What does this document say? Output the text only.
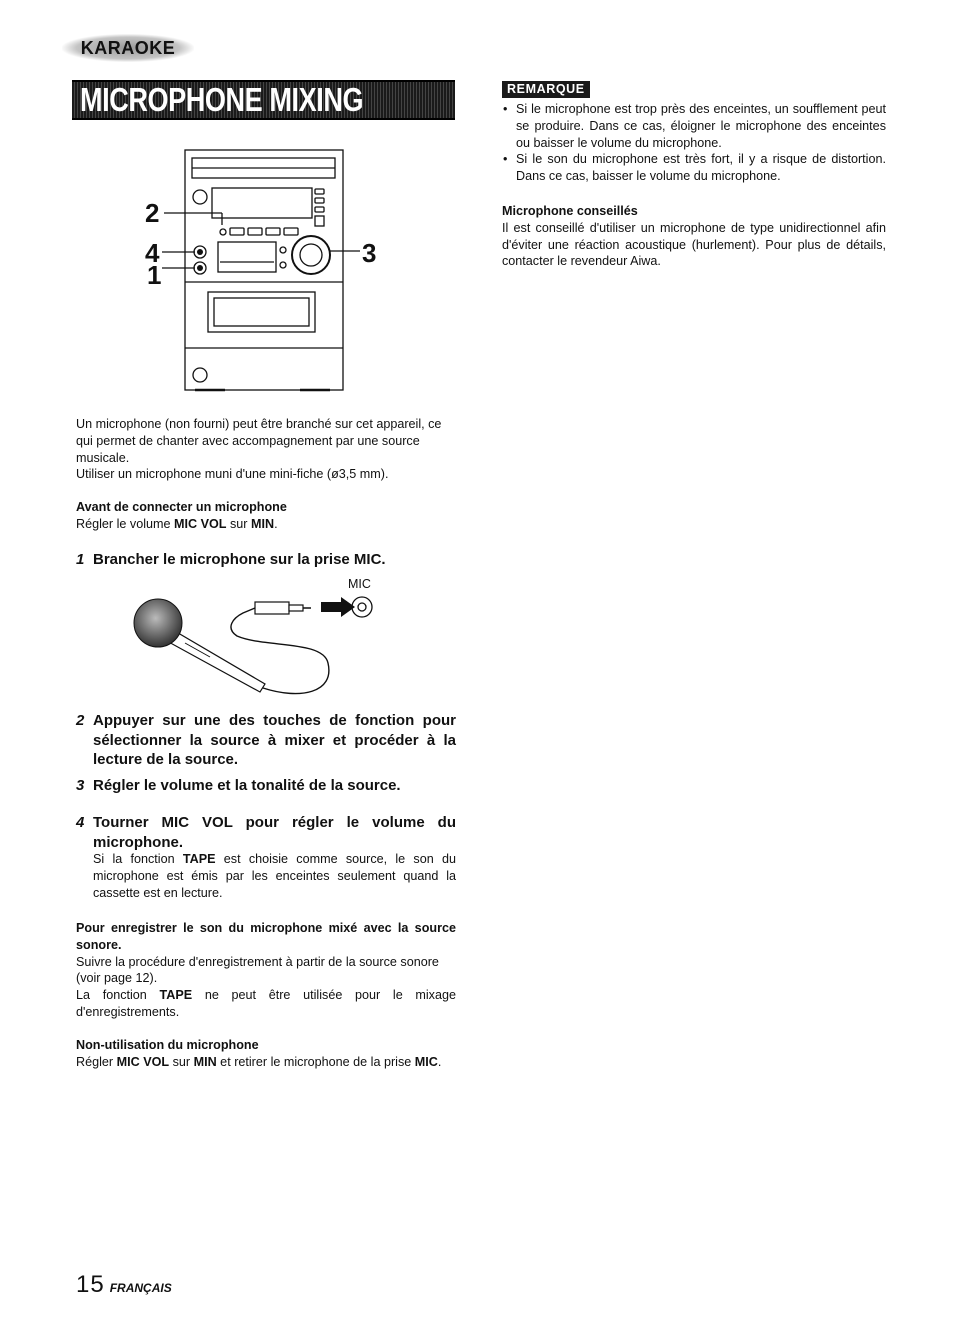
KARAOKE
MICROPHONE MIXING
2
4
1
3

Un microphone (non fourni) peut être branché sur cet appareil, ce qui permet de chanter avec accompagnement par une source musicale.

Utiliser un microphone muni d'une mini-fiche (ø3,5 mm).

Avant de connecter un microphone

Régler le volume MIC VOL sur MIN.

1 Brancher le microphone sur la prise MIC.
MIC
2 Appuyer sur une des touches de fonction pour sélectionner la source à mixer et procéder à la lecture de la source.
3 Régler le volume et la tonalité de la source.
4 Tourner MIC VOL pour régler le volume du microphone.

Si la fonction TAPE est choisie comme source, le son du microphone est émis par les enceintes seulement quand la cassette est en lecture.

Pour enregistrer le son du microphone mixé avec la source sonore.

Suivre la procédure d'enregistrement à partir de la source sonore (voir page 12).

La fonction TAPE ne peut être utilisée pour le mixage d'enregistrements.

Non-utilisation du microphone

Régler MIC VOL sur MIN et retirer le microphone de la prise MIC.

REMARQUE
• Si le microphone est trop près des enceintes, un soufflement peut se produire. Dans ce cas, éloigner le microphone des enceintes ou baisser le volume du microphone.
• Si le son du microphone est très fort, il y a risque de distortion. Dans ce cas, baisser le volume du microphone.

Microphone conseillés

Il est conseillé d'utiliser un microphone de type unidirectionnel afin d'éviter une réaction acoustique (hurlement). Pour plus de détails, contacter le revendeur Aiwa.

15 FRANÇAIS
